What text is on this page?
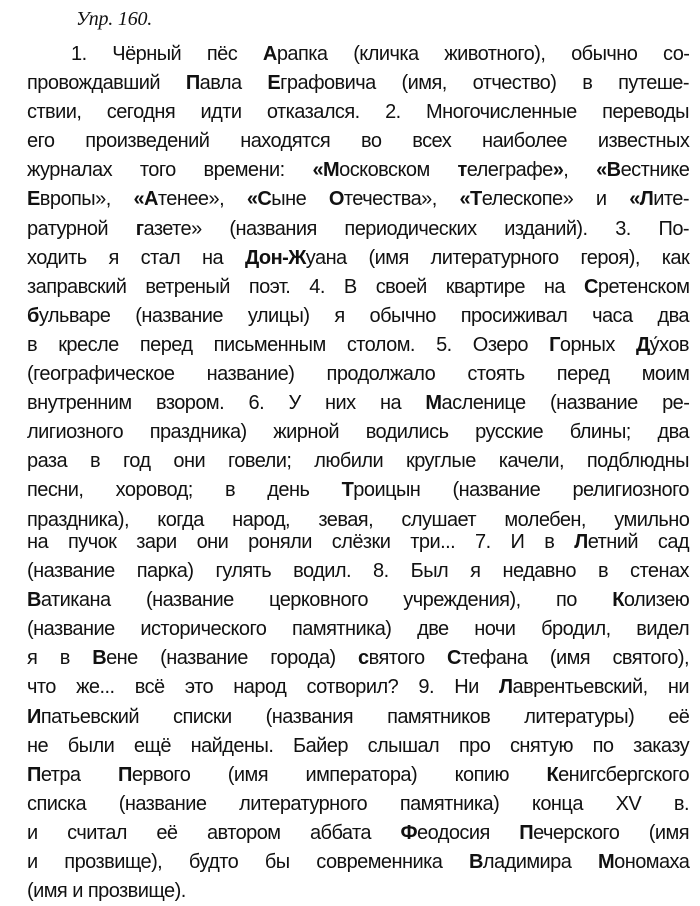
Упр. 160.
1. Чёрный пёс Арапка (кличка животного), обычно со-
провождавший Павла Еграфовича (имя, отчество) в путеше-
ствии, сегодня идти отказался. 2. Многочисленные переводы
его произведений находятся во всех наиболее известных
журналах того времени: «Московском телеграфе», «Вестнике
Европы», «Атенее», «Сыне Отечества», «Телескопе» и «Лите-
ратурной газете» (названия периодических изданий). 3. По-
ходить я стал на Дон-Жуана (имя литературного героя), как
заправский ветреный поэт. 4. В своей квартире на Сретенском
бульваре (название улицы) я обычно просиживал часа два
в кресле перед письменным столом. 5. Озеро Горных Ду́хов
(географическое название) продолжало стоять перед моим
внутренним взором. 6. У них на Масленице (название ре-
лигиозного праздника) жирной водились русские блины; два
раза в год они говели; любили круглые качели, подблюдны
песни, хоровод; в день Троицын (название религиозного
праздника), когда народ, зевая, слушает молебен, умильно
на пучок зари они роняли слёзки три... 7. И в Летний сад
(название парка) гулять водил. 8. Был я недавно в стенах
Ватикана (название церковного учреждения), по Колизею
(название исторического памятника) две ночи бродил, видел
я в Вене (название города) святого Стефана (имя святого),
что же... всё это народ сотворил? 9. Ни Лаврентьевский, ни
Ипатьевский списки (названия памятников литературы) её
не были ещё найдены. Байер слышал про снятую по заказу
Петра Первого (имя императора) копию Кенигсбергского
списка (название литературного памятника) конца XV в.
и считал её автором аббата Феодосия Печерского (имя
и прозвище), будто бы современника Владимира Мономаха
(имя и прозвище).
